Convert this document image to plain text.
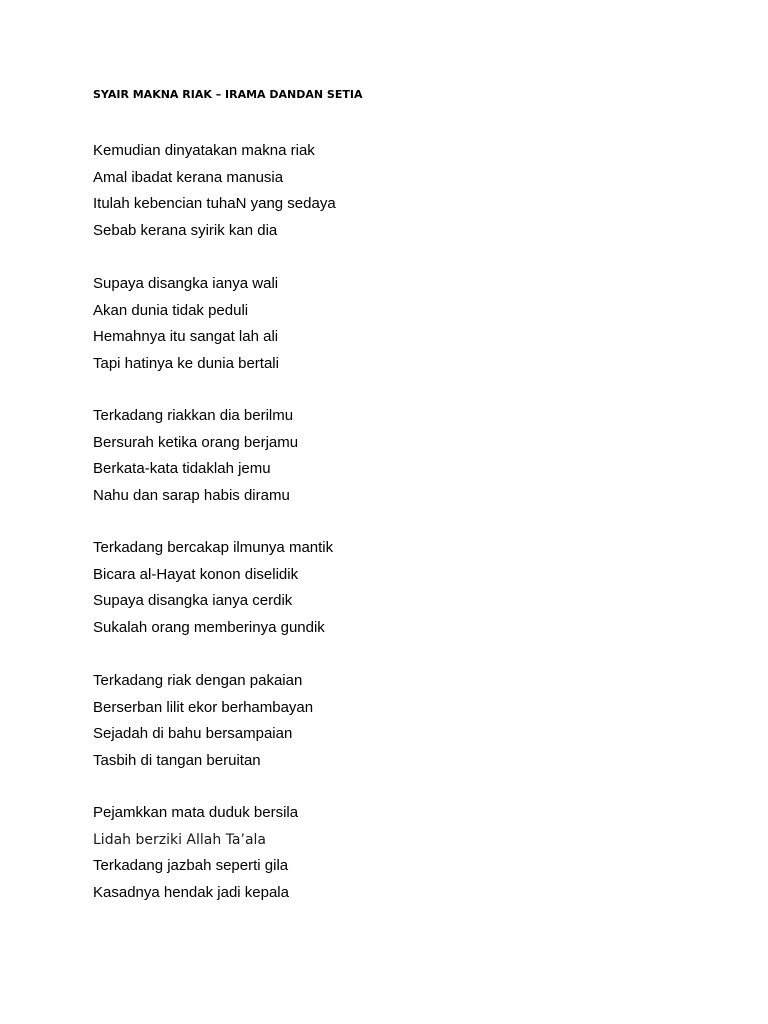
SYAIR MAKNA RIAK – IRAMA DANDAN SETIA
Kemudian dinyatakan makna riak
Amal ibadat kerana manusia
Itulah kebencian tuhaN yang sedaya
Sebab kerana syirik kan dia
Supaya disangka ianya wali
Akan dunia tidak peduli
Hemahnya itu sangat lah ali
Tapi hatinya ke dunia bertali
Terkadang riakkan dia berilmu
Bersurah ketika orang berjamu
Berkata-kata tidaklah jemu
Nahu dan sarap habis diramu
Terkadang bercakap ilmunya mantik
Bicara al-Hayat konon diselidik
Supaya disangka ianya cerdik
Sukalah orang memberinya gundik
Terkadang riak dengan pakaian
Berserban lilit ekor berhambayan
Sejadah di bahu bersampaian
Tasbih di tangan beruitan
Pejamkkan mata duduk bersila
Lidah berziki Allah Ta’ala
Terkadang jazbah seperti gila
Kasadnya hendak jadi kepala
